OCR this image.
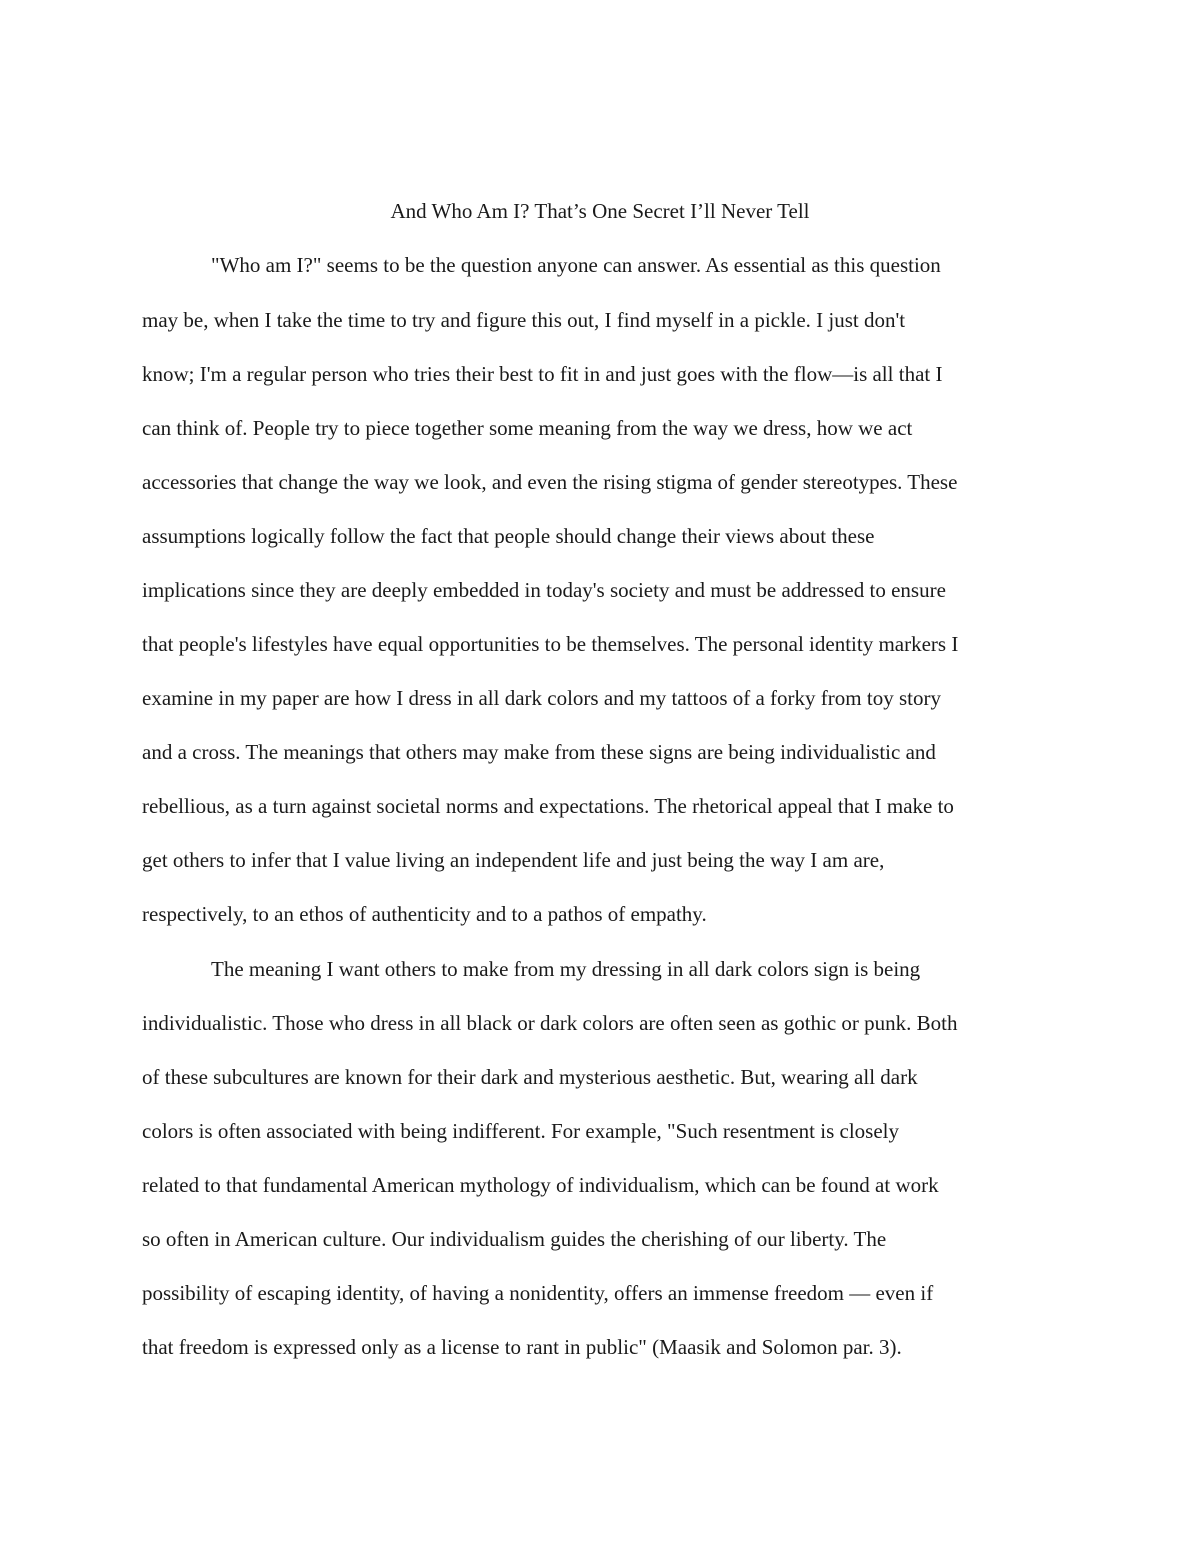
And Who Am I? That’s One Secret I’ll Never Tell

"Who am I?" seems to be the question anyone can answer. As essential as this question

may be, when I take the time to try and figure this out, I find myself in a pickle. I just don't

know; I'm a regular person who tries their best to fit in and just goes with the flow—is all that I

can think of. People try to piece together some meaning from the way we dress, how we act

accessories that change the way we look, and even the rising stigma of gender stereotypes. These

assumptions logically follow the fact that people should change their views about these

implications since they are deeply embedded in today's society and must be addressed to ensure

that people's lifestyles have equal opportunities to be themselves. The personal identity markers I

examine in my paper are how I dress in all dark colors and my tattoos of a forky from toy story

and a cross. The meanings that others may make from these signs are being individualistic and

rebellious, as a turn against societal norms and expectations. The rhetorical appeal that I make to

get others to infer that I value living an independent life and just being the way I am are,

respectively, to an ethos of authenticity and to a pathos of empathy.

The meaning I want others to make from my dressing in all dark colors sign is being

individualistic. Those who dress in all black or dark colors are often seen as gothic or punk. Both

of these subcultures are known for their dark and mysterious aesthetic. But, wearing all dark

colors is often associated with being indifferent. For example, "Such resentment is closely

related to that fundamental American mythology of individualism, which can be found at work

so often in American culture. Our individualism guides the cherishing of our liberty. The

possibility of escaping identity, of having a nonidentity, offers an immense freedom — even if

that freedom is expressed only as a license to rant in public" (Maasik and Solomon par. 3).
